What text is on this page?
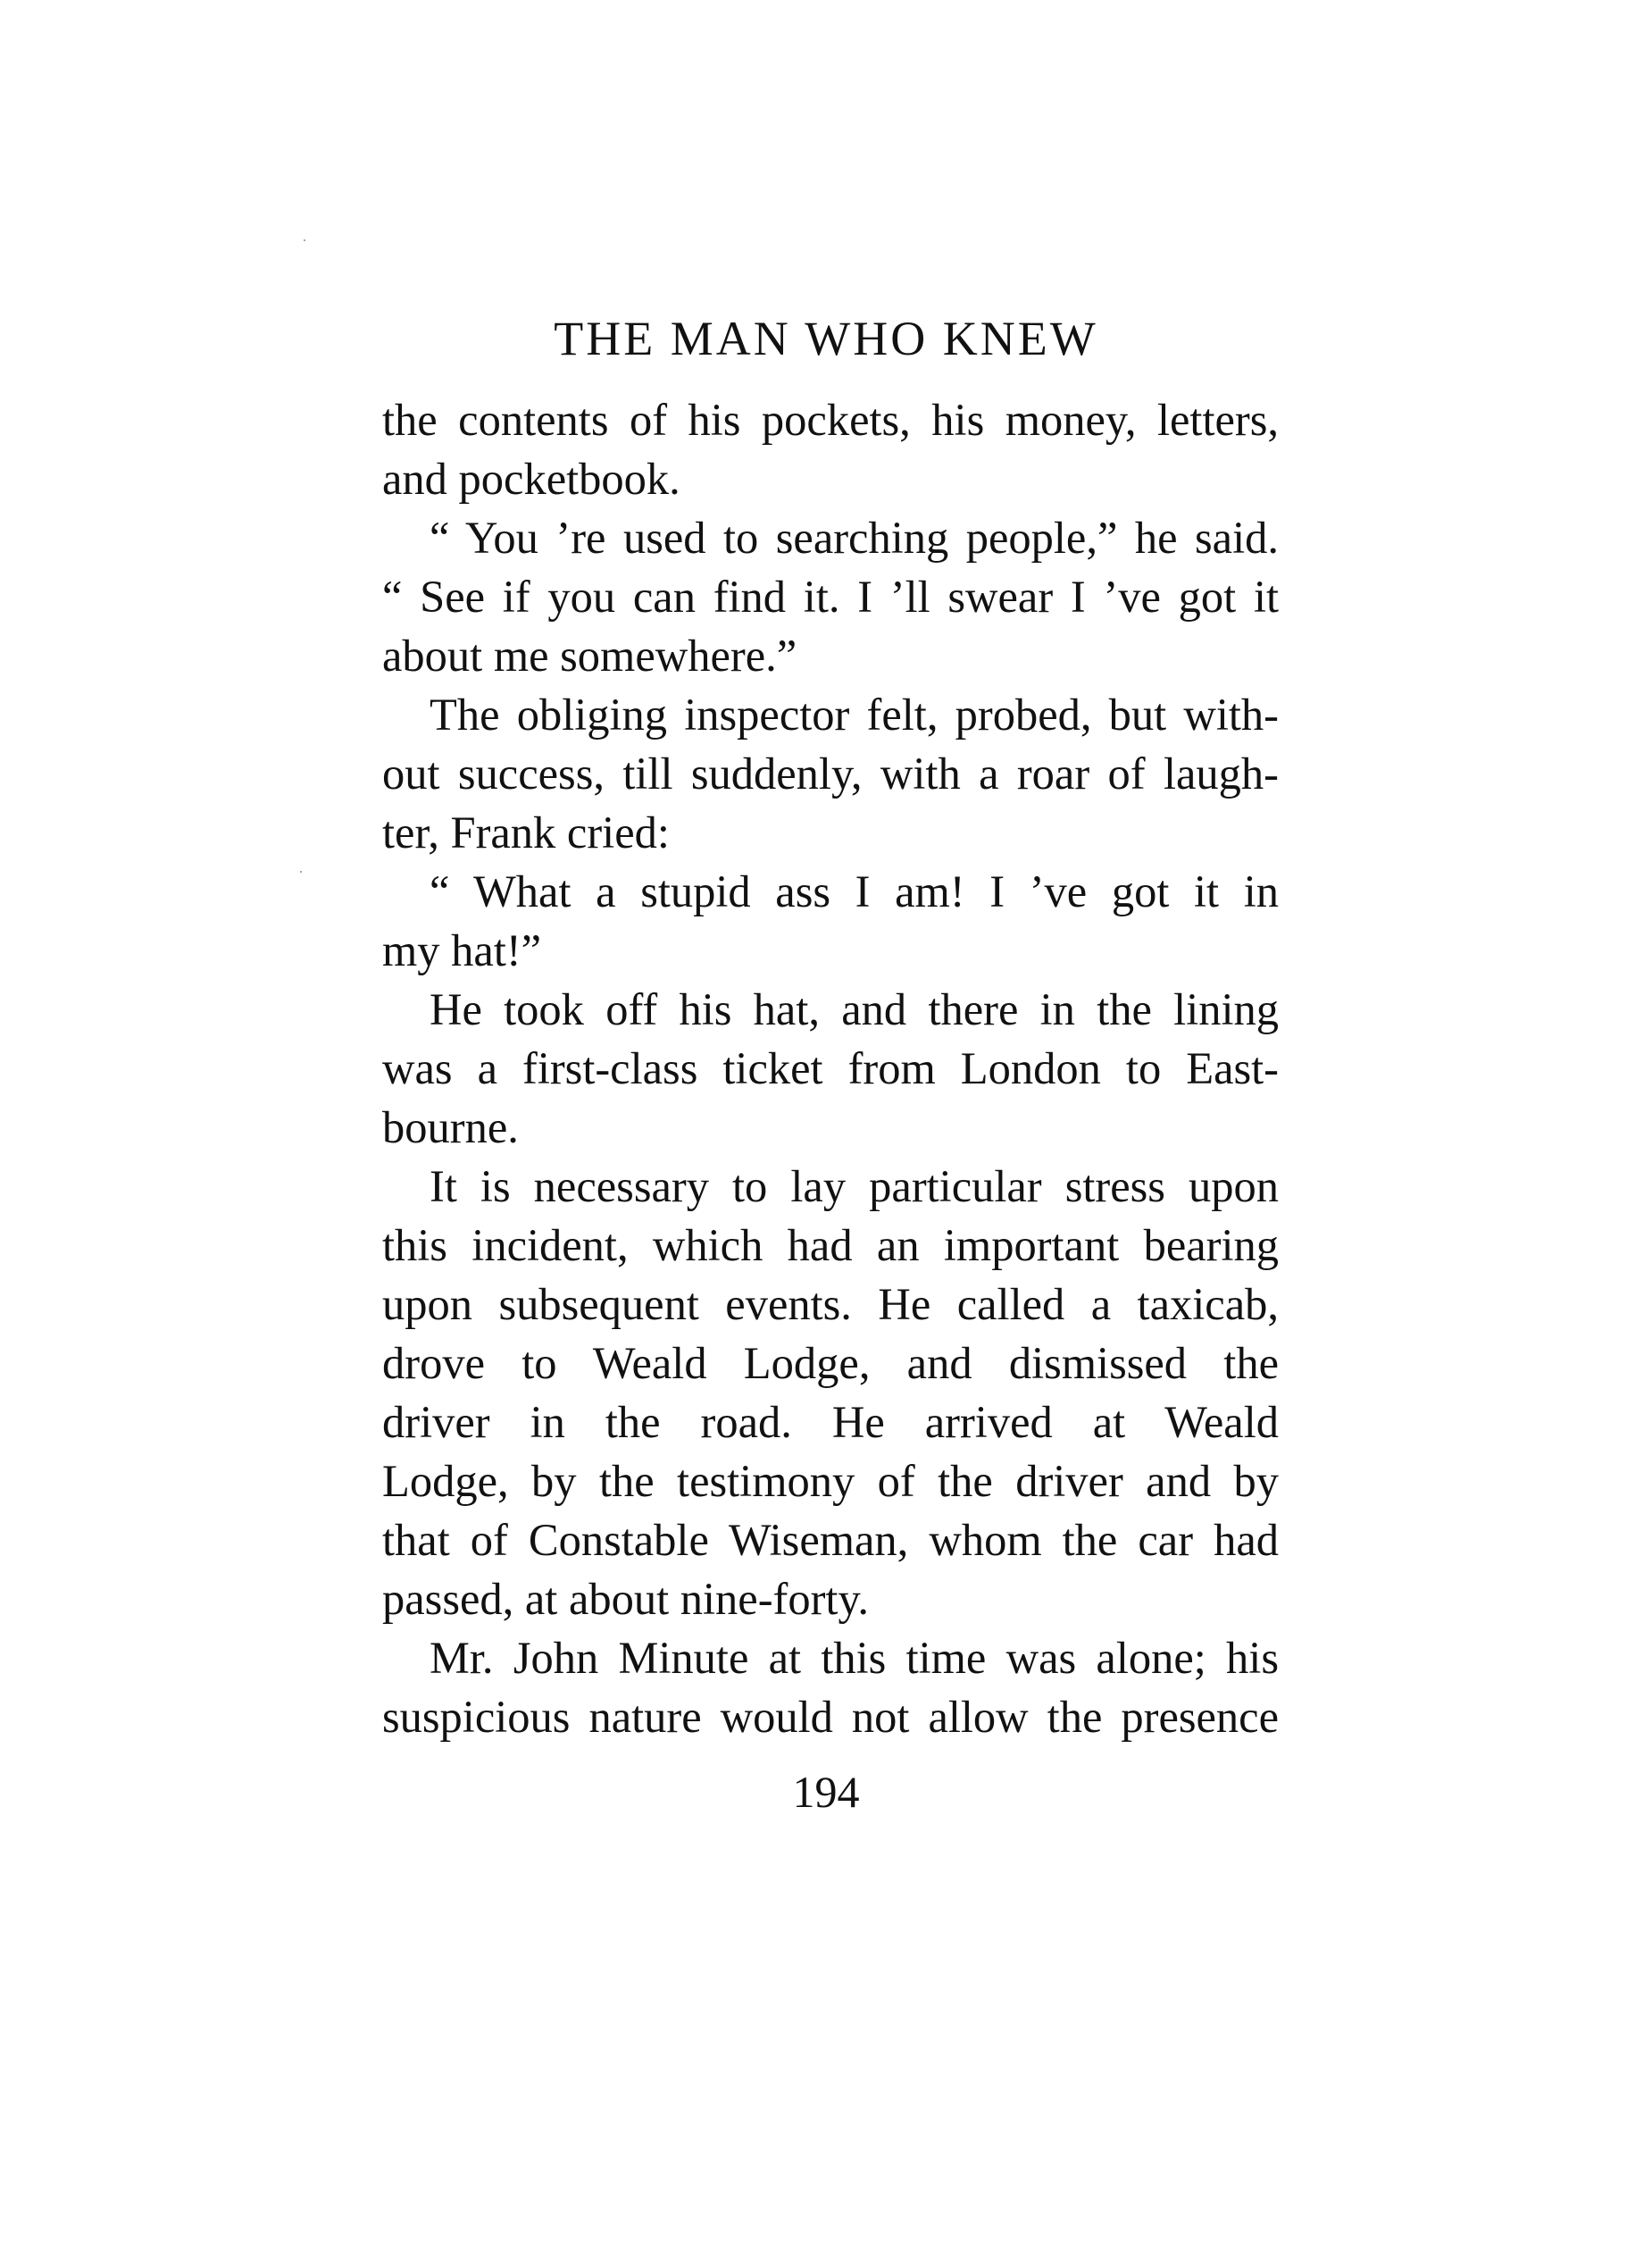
THE MAN WHO KNEW
the contents of his pockets, his money, letters,
and pocketbook.
“ You ’re used to searching people,” he said.
“ See if you can find it. I ’ll swear I ’ve got it
about me somewhere.”
The obliging inspector felt, probed, but with-
out success, till suddenly, with a roar of laugh-
ter, Frank cried:
“ What a stupid ass I am! I ’ve got it in
my hat!”
He took off his hat, and there in the lining
was a first-class ticket from London to East-
bourne.
It is necessary to lay particular stress upon
this incident, which had an important bearing
upon subsequent events. He called a taxicab,
drove to Weald Lodge, and dismissed the
driver in the road. He arrived at Weald
Lodge, by the testimony of the driver and by
that of Constable Wiseman, whom the car had
passed, at about nine-forty.
Mr. John Minute at this time was alone; his
suspicious nature would not allow the presence
194
